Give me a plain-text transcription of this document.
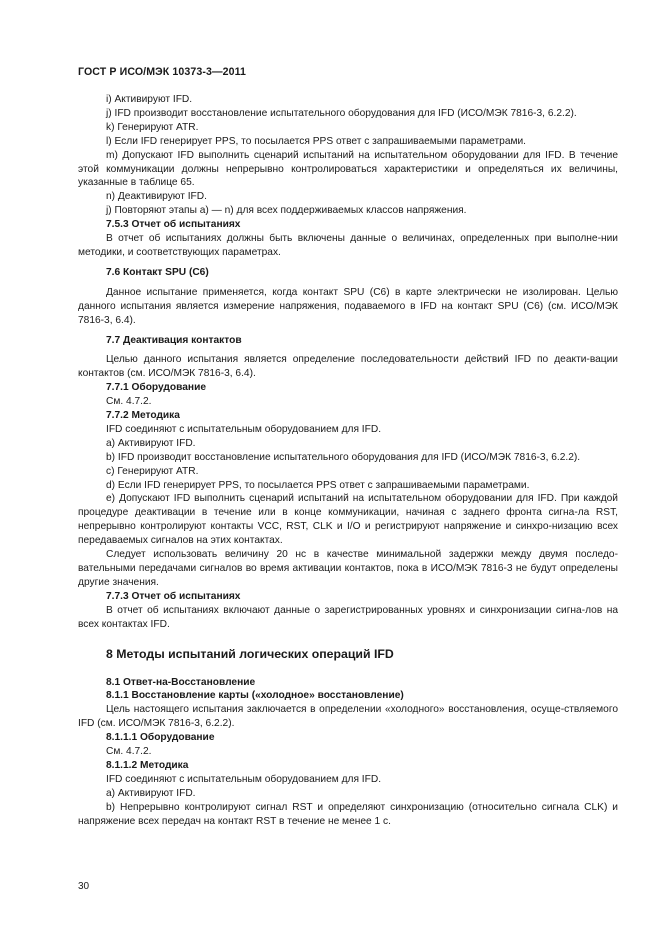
ГОСТ Р ИСО/МЭК 10373-3—2011

i) Активируют IFD.

j) IFD производит восстановление испытательного оборудования для IFD (ИСО/МЭК 7816-3, 6.2.2).

k) Генерируют ATR.

l) Если IFD генерирует PPS, то посылается PPS ответ с запрашиваемыми параметрами.

m) Допускают IFD выполнить сценарий испытаний на испытательном оборудовании для IFD. В течение этой коммуникации должны непрерывно контролироваться характеристики и определяться их величины, указанные в таблице 65.

n) Деактивируют IFD.

j) Повторяют этапы а) — n) для всех поддерживаемых классов напряжения.

7.5.3 Отчет об испытаниях

В отчет об испытаниях должны быть включены данные о величинах, определенных при выполне-нии методики, и соответствующих параметрах.

7.6 Контакт SPU (C6)

Данное испытание применяется, когда контакт SPU (C6) в карте электрически не изолирован. Целью данного испытания является измерение напряжения, подаваемого в IFD на контакт SPU (C6) (см. ИСО/МЭК 7816-3, 6.4).

7.7 Деактивация контактов

Целью данного испытания является определение последовательности действий IFD по деакти-вации контактов (см. ИСО/МЭК 7816-3, 6.4).

7.7.1 Оборудование

См. 4.7.2.

7.7.2 Методика

IFD соединяют с испытательным оборудованием для IFD.

a) Активируют IFD.

b) IFD производит восстановление испытательного оборудования для IFD (ИСО/МЭК 7816-3, 6.2.2).

c) Генерируют ATR.

d) Если IFD генерирует PPS, то посылается PPS ответ с запрашиваемыми параметрами.

e) Допускают IFD выполнить сценарий испытаний на испытательном оборудовании для IFD. При каждой процедуре деактивации в течение или в конце коммуникации, начиная с заднего фронта сигна-ла RST, непрерывно контролируют контакты VCC, RST, CLK и I/O и регистрируют напряжение и синхро-низацию всех передаваемых сигналов на этих контактах.

Следует использовать величину 20 нс в качестве минимальной задержки между двумя последо-вательными передачами сигналов во время активации контактов, пока в ИСО/МЭК 7816-3 не будут определены другие значения.

7.7.3 Отчет об испытаниях

В отчет об испытаниях включают данные о зарегистрированных уровнях и синхронизации сигна-лов на всех контактах IFD.

8 Методы испытаний логических операций IFD
8.1 Ответ-на-Восстановление
8.1.1 Восстановление карты («холодное» восстановление)

Цель настоящего испытания заключается в определении «холодного» восстановления, осуще-ствляемого IFD (см. ИСО/МЭК 7816-3, 6.2.2).

8.1.1.1 Оборудование

См. 4.7.2.

8.1.1.2 Методика

IFD соединяют с испытательным оборудованием для IFD.

а) Активируют IFD.

b) Непрерывно контролируют сигнал RST и определяют синхронизацию (относительно сигнала CLK) и напряжение всех передач на контакт RST в течение не менее 1 с.

30
